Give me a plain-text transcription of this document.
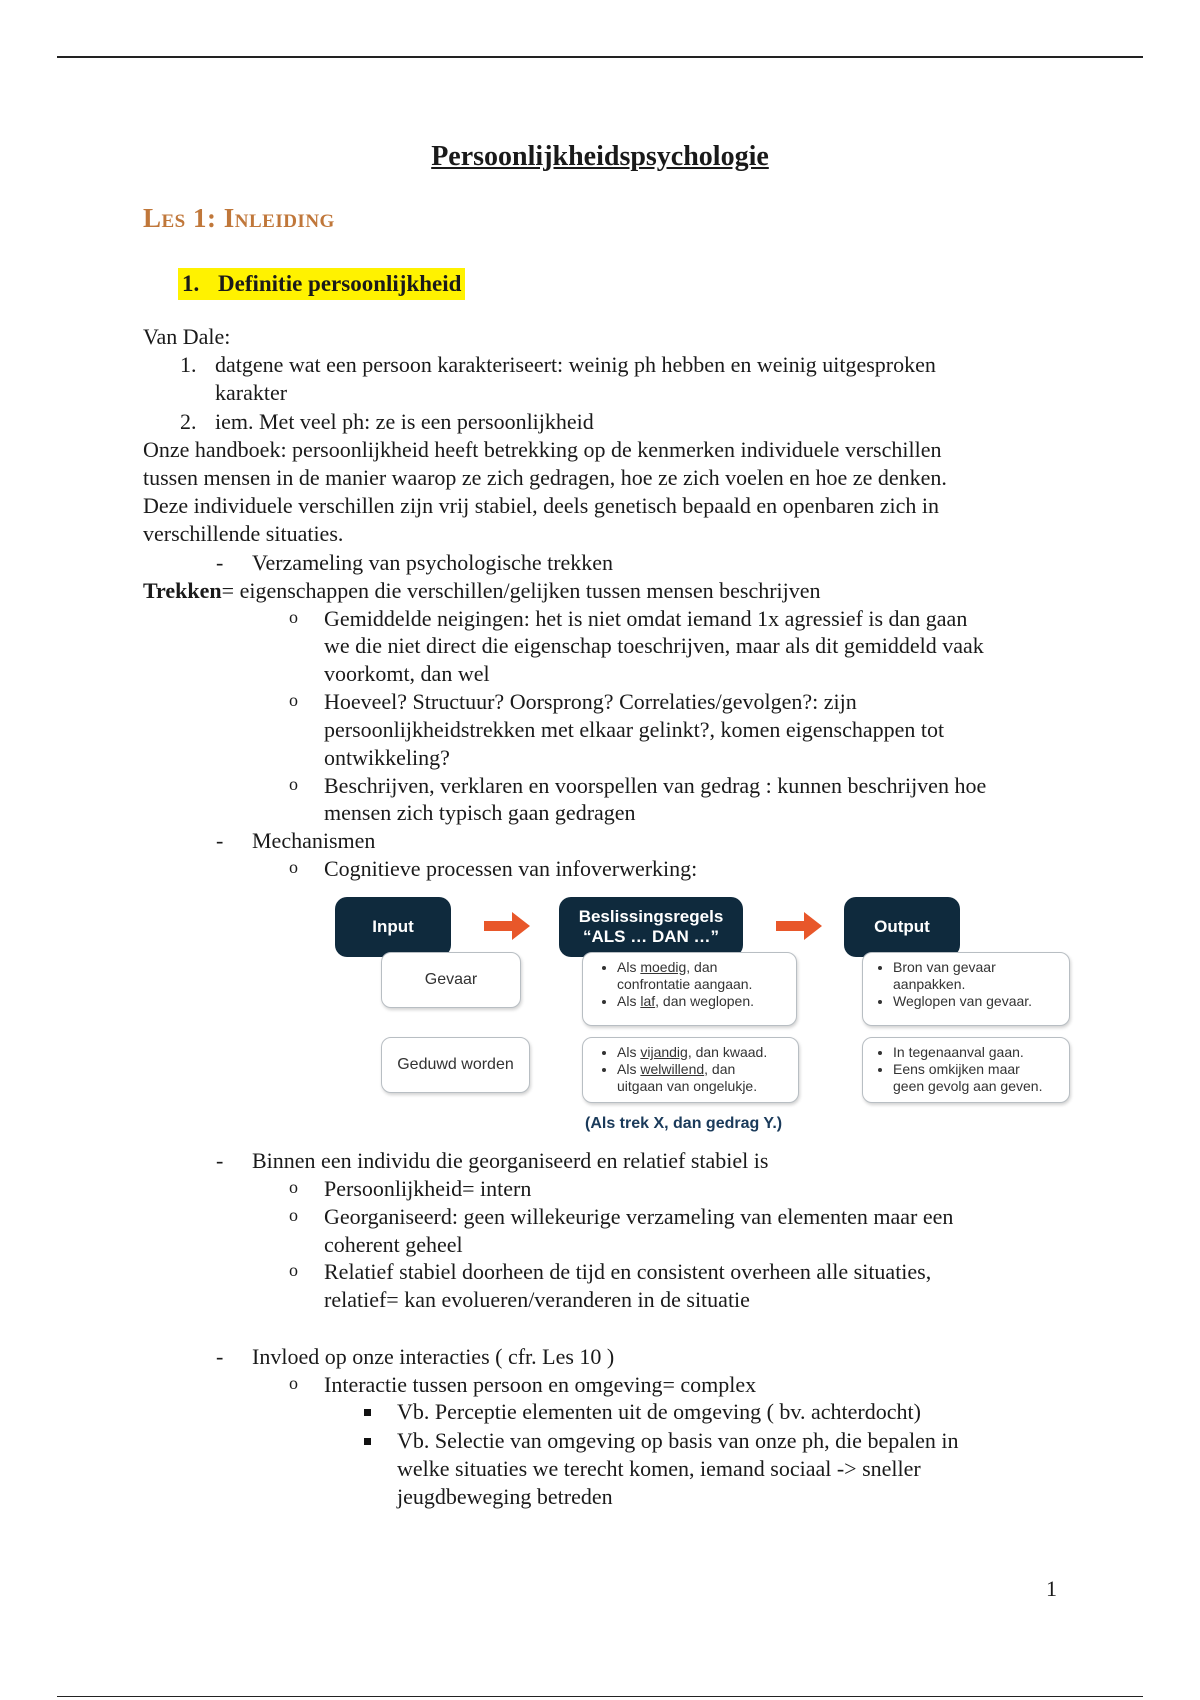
Persoonlijkheidspsychologie
Les 1: Inleiding
1. Definitie persoonlijkheid
Van Dale:
1. datgene wat een persoon karakteriseert: weinig ph hebben en weinig uitgesproken
karakter
2. iem. Met veel ph: ze is een persoonlijkheid
Onze handboek: persoonlijkheid heeft betrekking op de kenmerken individuele verschillen
tussen mensen in de manier waarop ze zich gedragen, hoe ze zich voelen en hoe ze denken.
Deze individuele verschillen zijn vrij stabiel, deels genetisch bepaald en openbaren zich in
verschillende situaties.
- Verzameling van psychologische trekken
Trekken= eigenschappen die verschillen/gelijken tussen mensen beschrijven
o Gemiddelde neigingen: het is niet omdat iemand 1x agressief is dan gaan
we die niet direct die eigenschap toeschrijven, maar als dit gemiddeld vaak
voorkomt, dan wel
o Hoeveel? Structuur? Oorsprong? Correlaties/gevolgen?: zijn
persoonlijkheidstrekken met elkaar gelinkt?, komen eigenschappen tot
ontwikkeling?
o Beschrijven, verklaren en voorspellen van gedrag : kunnen beschrijven hoe
mensen zich typisch gaan gedragen
- Mechanismen
o Cognitieve processen van infoverwerking:
Input
Beslissingsregels
“ALS … DAN …”
Output
Gevaar
• Als moedig, dan
confrontatie aangaan.
• Als laf, dan weglopen.
• Bron van gevaar
aanpakken.
• Weglopen van gevaar.
Geduwd worden
• Als vijandig, dan kwaad.
• Als welwillend, dan
uitgaan van ongelukje.
• In tegenaanval gaan.
• Eens omkijken maar
geen gevolg aan geven.
(Als trek X, dan gedrag Y.)
- Binnen een individu die georganiseerd en relatief stabiel is
o Persoonlijkheid= intern
o Georganiseerd: geen willekeurige verzameling van elementen maar een
coherent geheel
o Relatief stabiel doorheen de tijd en consistent overheen alle situaties,
relatief= kan evolueren/veranderen in de situatie
- Invloed op onze interacties ( cfr. Les 10 )
o Interactie tussen persoon en omgeving= complex
Vb. Perceptie elementen uit de omgeving ( bv. achterdocht)
Vb. Selectie van omgeving op basis van onze ph, die bepalen in
welke situaties we terecht komen, iemand sociaal -> sneller
jeugdbeweging betreden
1
